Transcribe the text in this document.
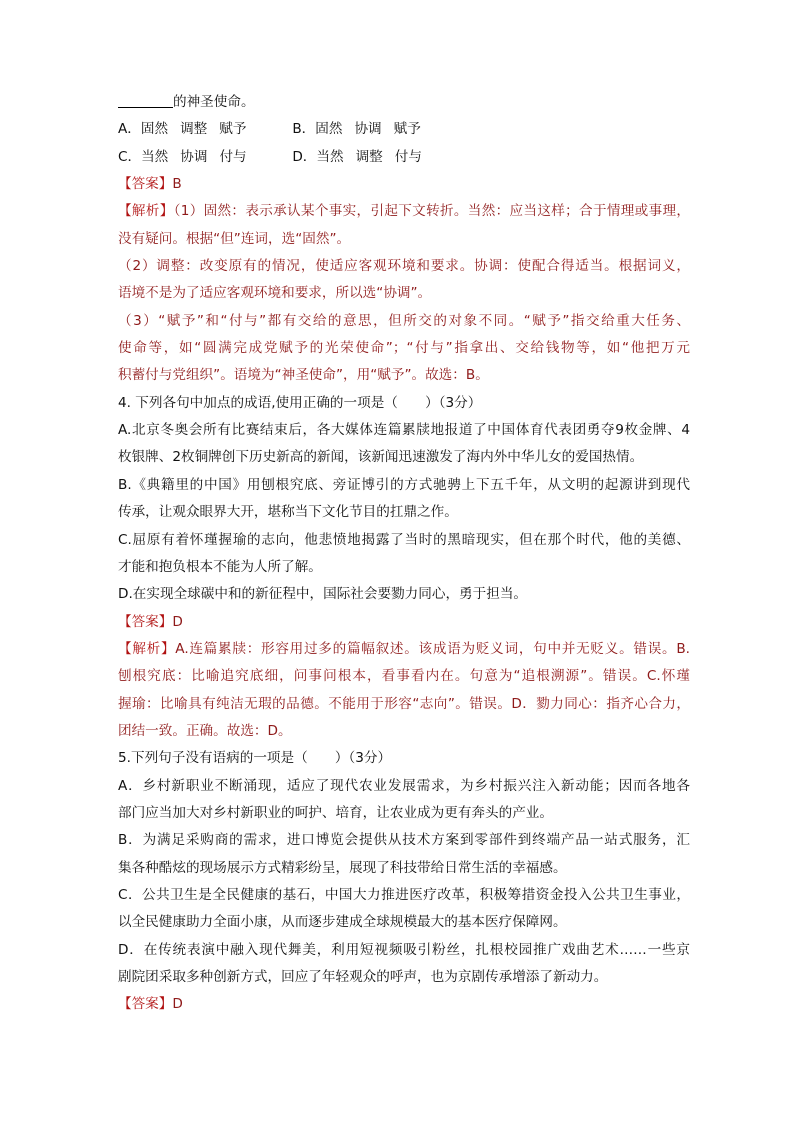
的神圣使命。
A．固然 调整 赋予	B．固然 协调 赋予
C．当然 协调 付与	D．当然 调整 付与
【答案】B
【解析】（1）固然：表示承认某个事实，引起下文转折。当然：应当这样；合于情理或事理，
没有疑问。根据“但”连词，选“固然”。
（2）调整：改变原有的情况，使适应客观环境和要求。协调：使配合得适当。根据词义，
语境不是为了适应客观环境和要求，所以选“协调”。
（3）“赋予”和“付与”都有交给的意思，但所交的对象不同。“赋予”指交给重大任务、
使命等，如“圆满完成党赋予的光荣使命”；“付与”指拿出、交给钱物等，如“他把万元
积蓄付与党组织”。语境为“神圣使命”，用“赋予”。故选：B。
4. 下列各句中加点的成语,使用正确的一项是（　　）（3分）
A.北京冬奥会所有比赛结束后，各大媒体连篇累牍地报道了中国体育代表团勇夺9枚金牌、4
枚银牌、2枚铜牌创下历史新高的新闻，该新闻迅速激发了海内外中华儿女的爱国热情。
B.《典籍里的中国》用刨根究底、旁证博引的方式驰骋上下五千年，从文明的起源讲到现代
传承，让观众眼界大开，堪称当下文化节目的扛鼎之作。
C.屈原有着怀瑾握瑜的志向，他悲愤地揭露了当时的黑暗现实，但在那个时代，他的美德、
才能和抱负根本不能为人所了解。
D.在实现全球碳中和的新征程中，国际社会要勠力同心，勇于担当。
【答案】D
【解析】A.连篇累牍：形容用过多的篇幅叙述。该成语为贬义词，句中并无贬义。错误。B.
刨根究底：比喻追究底细，问事问根本，看事看内在。句意为“追根溯源”。错误。C.怀瑾
握瑜：比喻具有纯洁无瑕的品德。不能用于形容“志向”。错误。D．勠力同心：指齐心合力，
团结一致。正确。故选：D。
5.下列句子没有语病的一项是（　　）（3分）
A．乡村新职业不断涌现，适应了现代农业发展需求，为乡村振兴注入新动能；因而各地各
部门应当加大对乡村新职业的呵护、培育，让农业成为更有奔头的产业。
B．为满足采购商的需求，进口博览会提供从技术方案到零部件到终端产品一站式服务，汇
集各种酷炫的现场展示方式精彩纷呈，展现了科技带给日常生活的幸福感。
C．公共卫生是全民健康的基石，中国大力推进医疗改革，积极筹措资金投入公共卫生事业，
以全民健康助力全面小康，从而逐步建成全球规模最大的基本医疗保障网。
D．在传统表演中融入现代舞美，利用短视频吸引粉丝，扎根校园推广戏曲艺术……一些京
剧院团采取多种创新方式，回应了年轻观众的呼声，也为京剧传承增添了新动力。
【答案】D
